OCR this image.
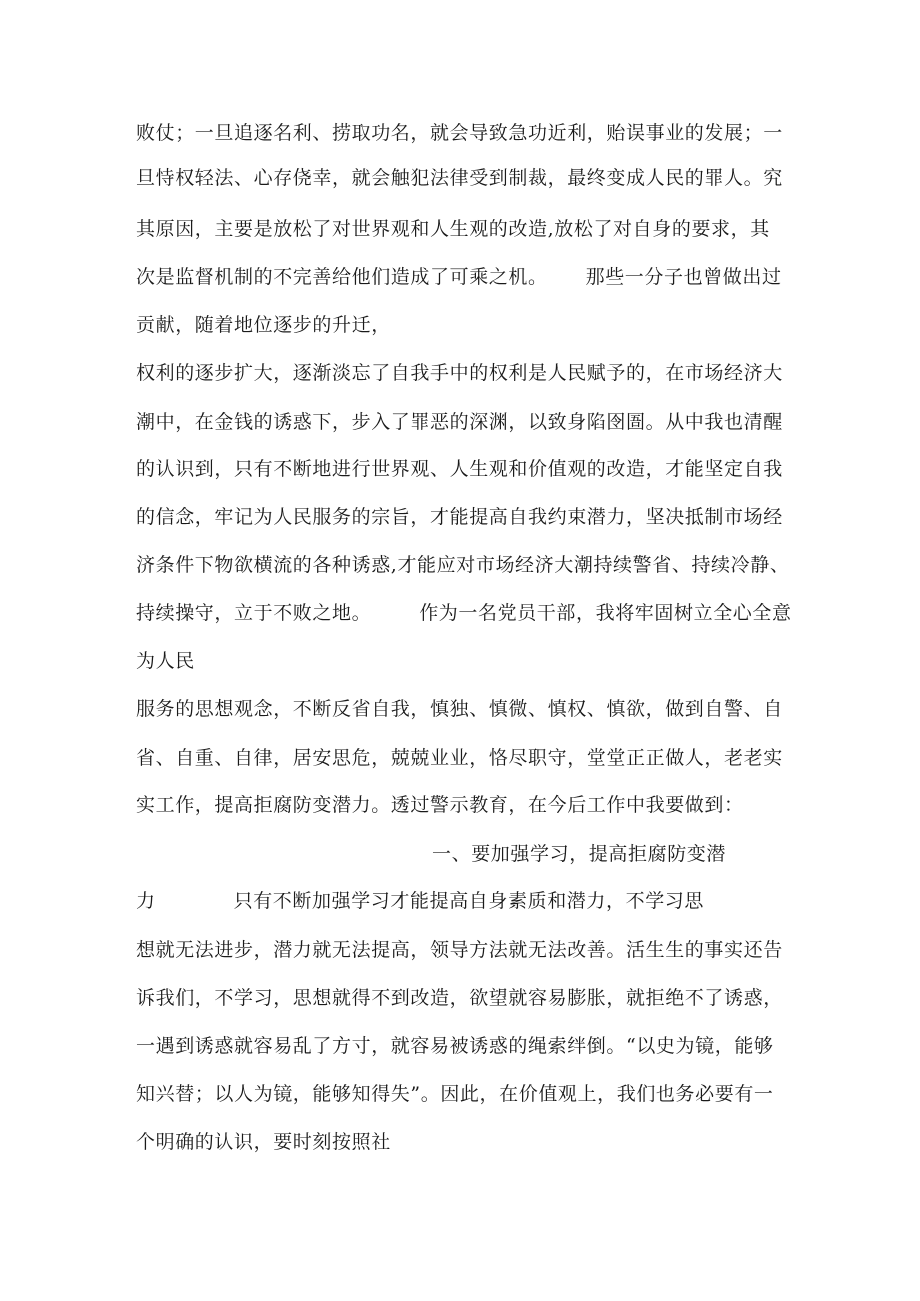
败仗；一旦追逐名利、捞取功名，就会导致急功近利，贻误事业的发展；一
旦恃权轻法、心存侥幸，就会触犯法律受到制裁，最终变成人民的罪人。究
其原因，主要是放松了对世界观和人生观的改造,放松了对自身的要求，其
次是监督机制的不完善给他们造成了可乘之机。 那些一分子也曾做出过
贡献，随着地位逐步的升迁，
权利的逐步扩大，逐渐淡忘了自我手中的权利是人民赋予的，在市场经济大
潮中，在金钱的诱惑下，步入了罪恶的深渊，以致身陷囹圄。从中我也清醒
的认识到，只有不断地进行世界观、人生观和价值观的改造，才能坚定自我
的信念，牢记为人民服务的宗旨，才能提高自我约束潜力，坚决抵制市场经
济条件下物欲横流的各种诱惑,才能应对市场经济大潮持续警省、持续冷静、
持续操守，立于不败之地。	作为一名党员干部，我将牢固树立全心全意
为人民
服务的思想观念，不断反省自我，慎独、慎微、慎权、慎欲，做到自警、自
省、自重、自律，居安思危，兢兢业业，恪尽职守，堂堂正正做人，老老实
实工作，提高拒腐防变潜力。透过警示教育，在今后工作中我要做到：
一、要加强学习，提高拒腐防变潜
力	只有不断加强学习才能提高自身素质和潜力，不学习思
想就无法进步，潜力就无法提高，领导方法就无法改善。活生生的事实还告
诉我们，不学习，思想就得不到改造，欲望就容易膨胀，就拒绝不了诱惑，
一遇到诱惑就容易乱了方寸，就容易被诱惑的绳索绊倒。“以史为镜，能够
知兴替；以人为镜，能够知得失”。因此，在价值观上，我们也务必要有一
个明确的认识，要时刻按照社
